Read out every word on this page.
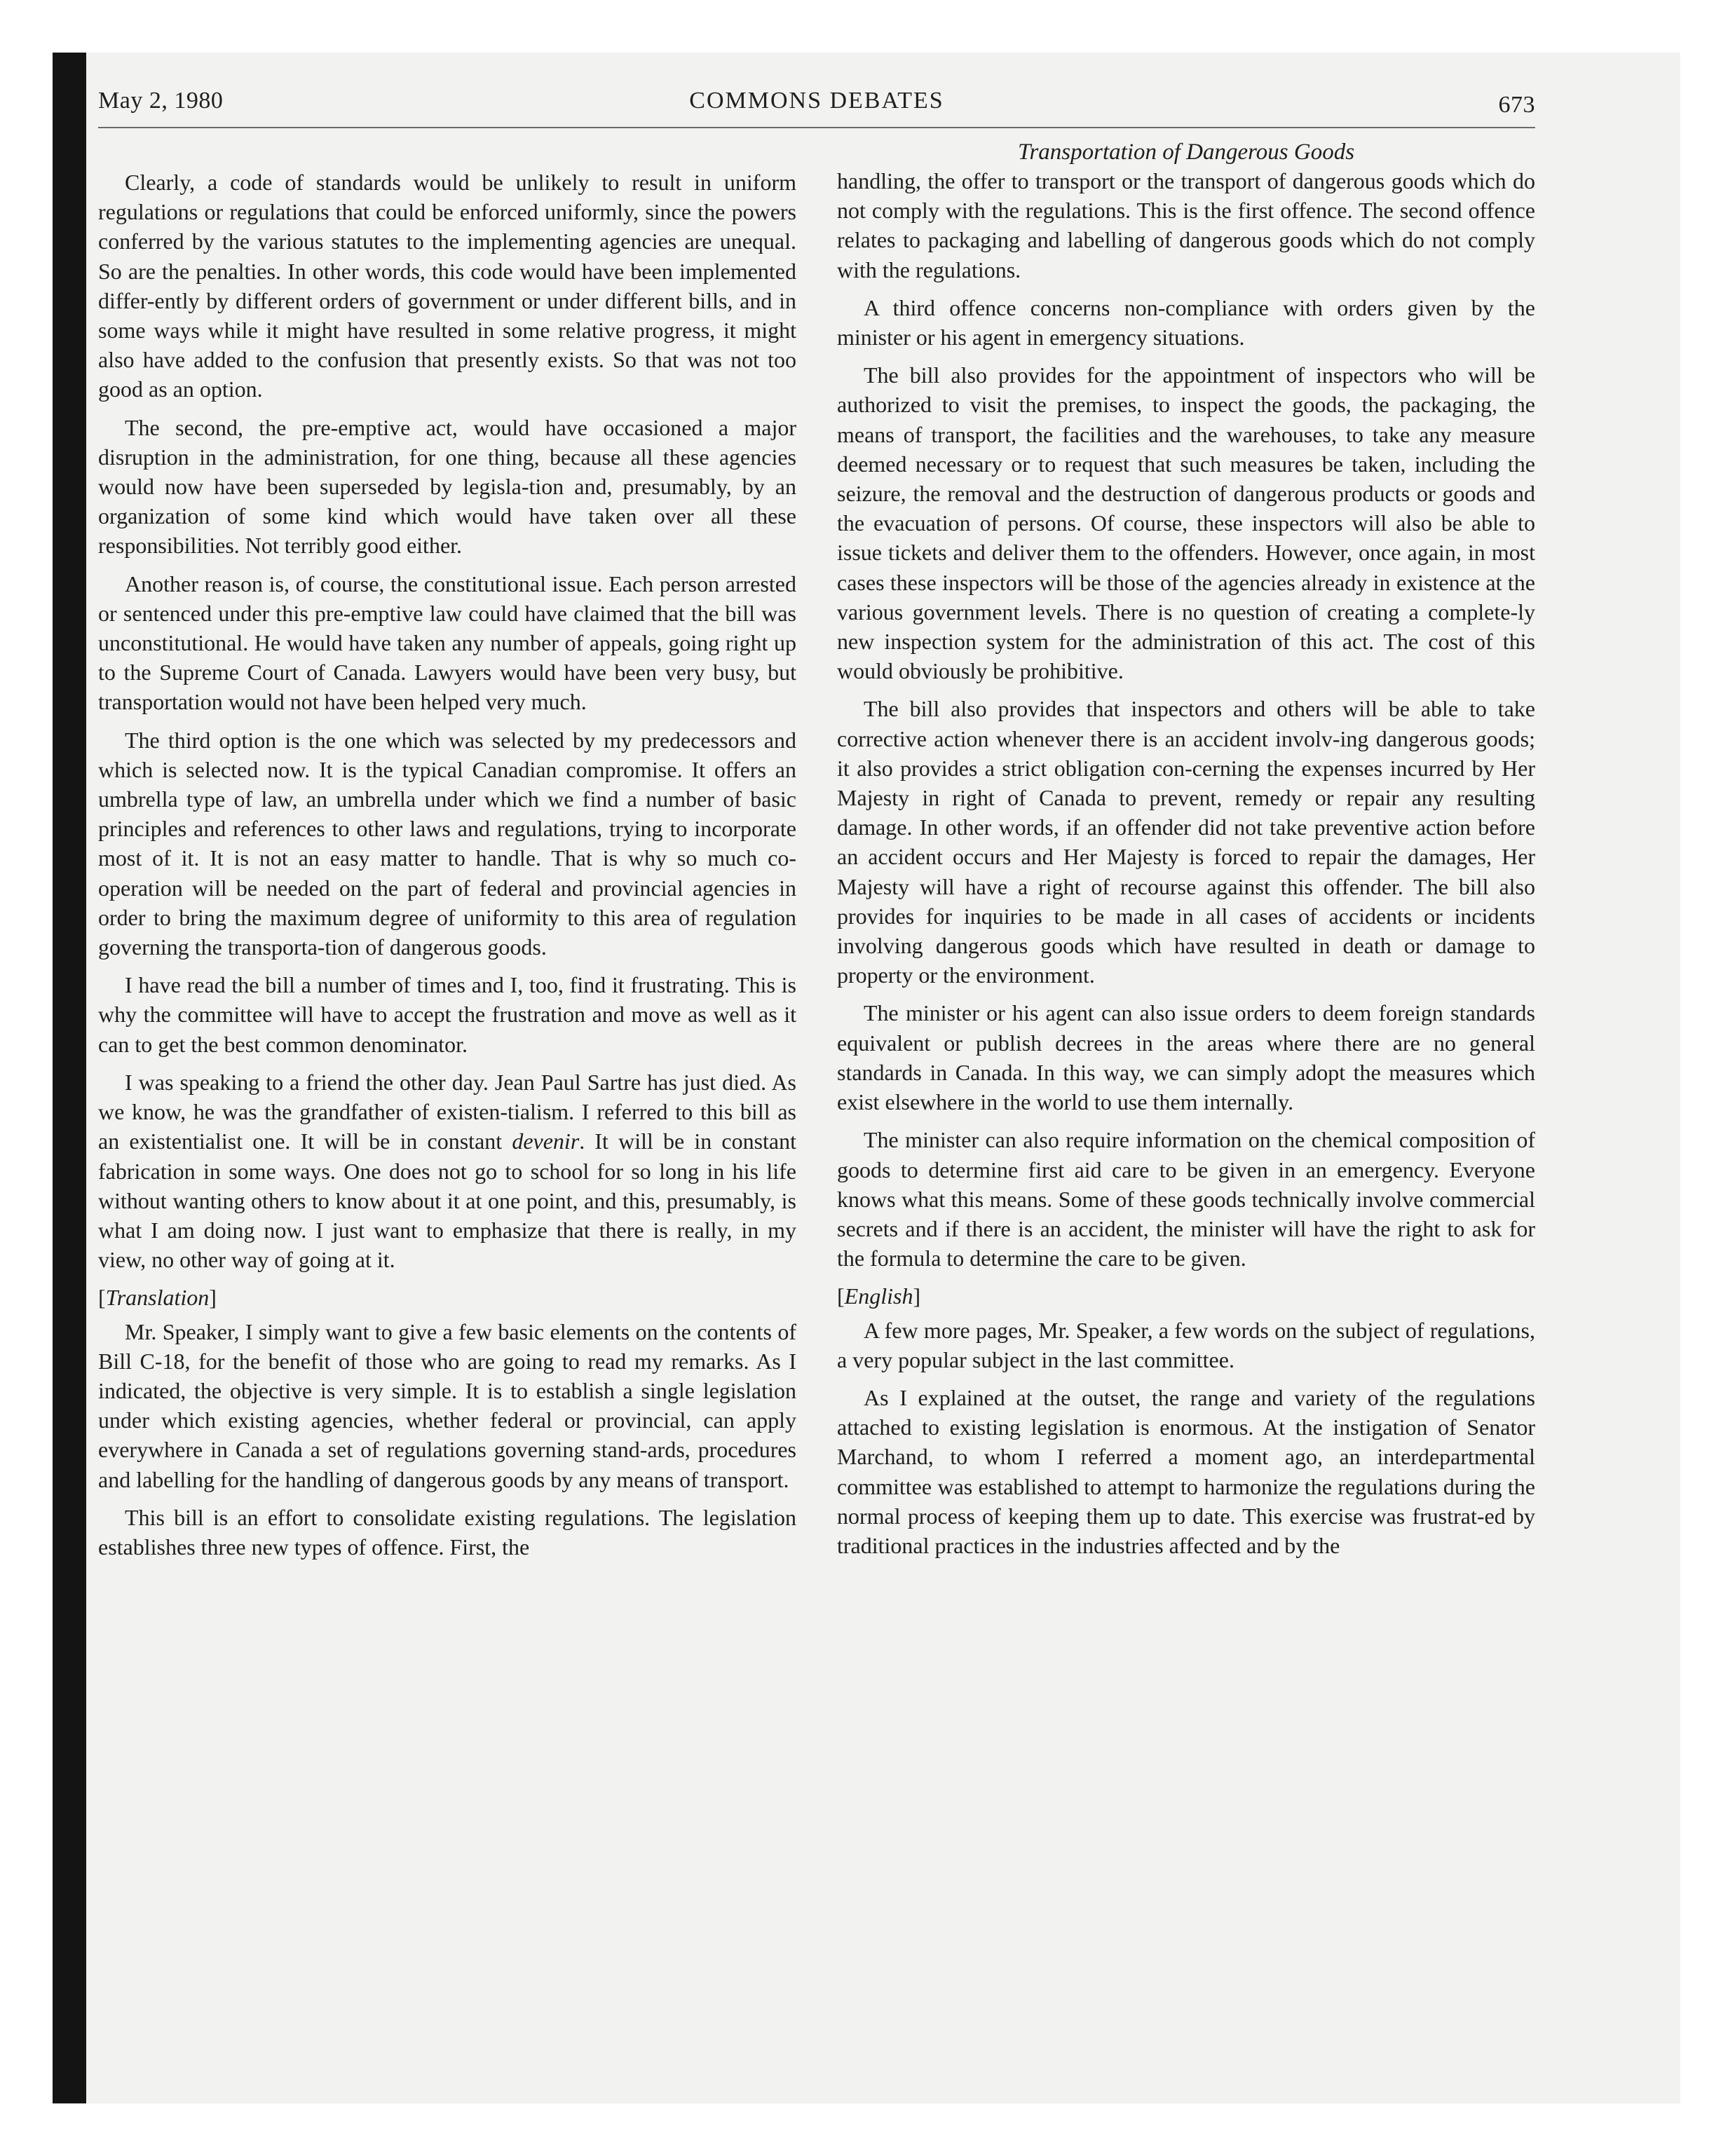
May 2, 1980	COMMONS DEBATES	673
Transportation of Dangerous Goods

Clearly, a code of standards would be unlikely to result in uniform regulations or regulations that could be enforced uniformly, since the powers conferred by the various statutes to the implementing agencies are unequal. So are the penalties. In other words, this code would have been implemented differ-ently by different orders of government or under different bills, and in some ways while it might have resulted in some relative progress, it might also have added to the confusion that presently exists. So that was not too good as an option.

The second, the pre-emptive act, would have occasioned a major disruption in the administration, for one thing, because all these agencies would now have been superseded by legisla-tion and, presumably, by an organization of some kind which would have taken over all these responsibilities. Not terribly good either.

Another reason is, of course, the constitutional issue. Each person arrested or sentenced under this pre-emptive law could have claimed that the bill was unconstitutional. He would have taken any number of appeals, going right up to the Supreme Court of Canada. Lawyers would have been very busy, but transportation would not have been helped very much.

The third option is the one which was selected by my predecessors and which is selected now. It is the typical Canadian compromise. It offers an umbrella type of law, an umbrella under which we find a number of basic principles and references to other laws and regulations, trying to incorporate most of it. It is not an easy matter to handle. That is why so much co-operation will be needed on the part of federal and provincial agencies in order to bring the maximum degree of uniformity to this area of regulation governing the transporta-tion of dangerous goods.

I have read the bill a number of times and I, too, find it frustrating. This is why the committee will have to accept the frustration and move as well as it can to get the best common denominator.

I was speaking to a friend the other day. Jean Paul Sartre has just died. As we know, he was the grandfather of existen-tialism. I referred to this bill as an existentialist one. It will be in constant devenir. It will be in constant fabrication in some ways. One does not go to school for so long in his life without wanting others to know about it at one point, and this, presumably, is what I am doing now. I just want to emphasize that there is really, in my view, no other way of going at it.

[Translation]

Mr. Speaker, I simply want to give a few basic elements on the contents of Bill C-18, for the benefit of those who are going to read my remarks. As I indicated, the objective is very simple. It is to establish a single legislation under which existing agencies, whether federal or provincial, can apply everywhere in Canada a set of regulations governing stand-ards, procedures and labelling for the handling of dangerous goods by any means of transport.

This bill is an effort to consolidate existing regulations. The legislation establishes three new types of offence. First, the

handling, the offer to transport or the transport of dangerous goods which do not comply with the regulations. This is the first offence. The second offence relates to packaging and labelling of dangerous goods which do not comply with the regulations.

A third offence concerns non-compliance with orders given by the minister or his agent in emergency situations.

The bill also provides for the appointment of inspectors who will be authorized to visit the premises, to inspect the goods, the packaging, the means of transport, the facilities and the warehouses, to take any measure deemed necessary or to request that such measures be taken, including the seizure, the removal and the destruction of dangerous products or goods and the evacuation of persons. Of course, these inspectors will also be able to issue tickets and deliver them to the offenders. However, once again, in most cases these inspectors will be those of the agencies already in existence at the various government levels. There is no question of creating a complete-ly new inspection system for the administration of this act. The cost of this would obviously be prohibitive.

The bill also provides that inspectors and others will be able to take corrective action whenever there is an accident involv-ing dangerous goods; it also provides a strict obligation con-cerning the expenses incurred by Her Majesty in right of Canada to prevent, remedy or repair any resulting damage. In other words, if an offender did not take preventive action before an accident occurs and Her Majesty is forced to repair the damages, Her Majesty will have a right of recourse against this offender. The bill also provides for inquiries to be made in all cases of accidents or incidents involving dangerous goods which have resulted in death or damage to property or the environment.

The minister or his agent can also issue orders to deem foreign standards equivalent or publish decrees in the areas where there are no general standards in Canada. In this way, we can simply adopt the measures which exist elsewhere in the world to use them internally.

The minister can also require information on the chemical composition of goods to determine first aid care to be given in an emergency. Everyone knows what this means. Some of these goods technically involve commercial secrets and if there is an accident, the minister will have the right to ask for the formula to determine the care to be given.

[English]

A few more pages, Mr. Speaker, a few words on the subject of regulations, a very popular subject in the last committee.

As I explained at the outset, the range and variety of the regulations attached to existing legislation is enormous. At the instigation of Senator Marchand, to whom I referred a moment ago, an interdepartmental committee was established to attempt to harmonize the regulations during the normal process of keeping them up to date. This exercise was frustrat-ed by traditional practices in the industries affected and by the
